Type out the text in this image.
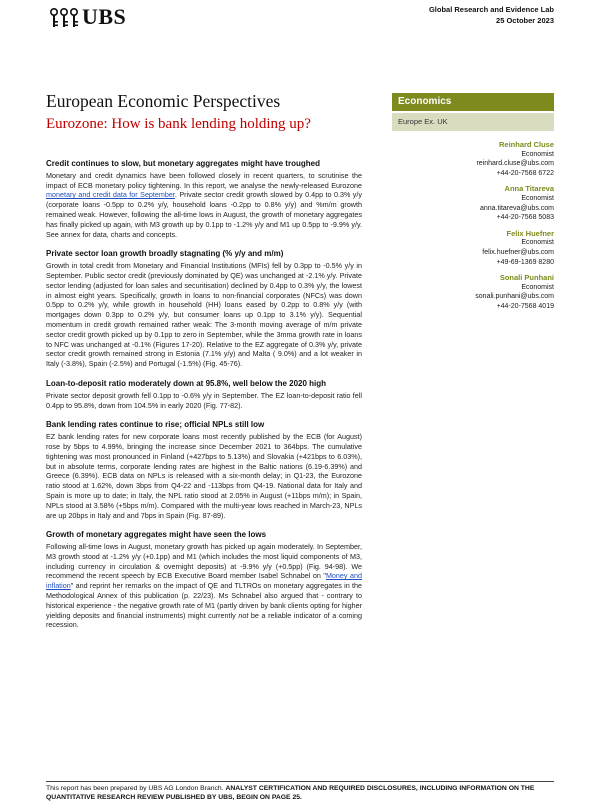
UBS	Global Research and Evidence Lab
25 October 2023
European Economic Perspectives
Eurozone: How is bank lending holding up?
Economics
Europe Ex. UK
Reinhard Cluse
Economist
reinhard.cluse@ubs.com
+44-20-7568 6722
Anna Titareva
Economist
anna.titareva@ubs.com
+44-20-7568 5083
Felix Huefner
Economist
felix.huefner@ubs.com
+49-69-1369 8280
Sonali Punhani
Economist
sonali.punhani@ubs.com
+44-20-7568 4019
Credit continues to slow, but monetary aggregates might have troughed

Monetary and credit dynamics have been followed closely in recent quarters, to scrutinise the impact of ECB monetary policy tightening. In this report, we analyse the newly-released Eurozone monetary and credit data for September. Private sector credit growth slowed by 0.4pp to 0.3% y/y (corporate loans -0.5pp to 0.2% y/y, household loans -0.2pp to 0.8% y/y) and %m/m growth remained weak. However, following the all-time lows in August, the growth of monetary aggregates has finally picked up again, with M3 growth up by 0.1pp to -1.2% y/y and M1 up 0.5pp to -9.9% y/y. See annex for data, charts and concepts.

Private sector loan growth broadly stagnating (% y/y and m/m)

Growth in total credit from Monetary and Financial Institutions (MFIs) fell by 0.3pp to -0.5% y/y in September. Public sector credit (previously dominated by QE) was unchanged at -2.1% y/y. Private sector lending (adjusted for loan sales and securitisation) declined by 0.4pp to 0.3% y/y, the lowest in almost eight years. Specifically, growth in loans to non-financial corporates (NFCs) was down 0.5pp to 0.2% y/y, while growth in household (HH) loans eased by 0.2pp to 0.8% y/y (with mortgages down 0.3pp to 0.2% y/y, but consumer loans up 0.1pp to 3.1% y/y). Sequential momentum in credit growth remained rather weak: The 3-month moving average of m/m private sector credit growth picked up by 0.1pp to zero in September, while the 3mma growth rate in loans to NFC was unchanged at -0.1% (Figures 17-20). Relative to the EZ aggregate of 0.3% y/y, private sector credit growth remained strong in Estonia (7.1% y/y) and Malta ( 9.0%) and a lot weaker in Italy (-3.8%), Spain (-2.5%) and Portugal (-1.5%) (Fig. 45-76).

Loan-to-deposit ratio moderately down at 95.8%, well below the 2020 high

Private sector deposit growth fell 0.1pp to -0.6% y/y in September. The EZ loan-to-deposit ratio fell 0.4pp to 95.8%, down from 104.5% in early 2020 (Fig. 77-82).

Bank lending rates continue to rise; official NPLs still low

EZ bank lending rates for new corporate loans most recently published by the ECB (for August) rose by 5bps to 4.99%, bringing the increase since December 2021 to 364bps. The cumulative tightening was most pronounced in Finland (+427bps to 5.13%) and Slovakia (+421bps to 6.03%), but in absolute terms, corporate lending rates are highest in the Baltic nations (6.19-6.39%) and Greece (6.39%). ECB data on NPLs is released with a six-month delay; in Q1-23, the Eurozone ratio stood at 1.62%, down 3bps from Q4-22 and -113bps from Q4-19. National data for Italy and Spain is more up to date; in Italy, the NPL ratio stood at 2.05% in August (+11bps m/m); in Spain, NPLs stood at 3.58% (+5bps m/m). Compared with the multi-year lows reached in March-23, NPLs are up 20bps in Italy and and 7bps in Spain (Fig. 87-89).

Growth of monetary aggregates might have seen the lows

Following all-time lows in August, monetary growth has picked up again moderately. In September, M3 growth stood at -1.2% y/y (+0.1pp) and M1 (which includes the most liquid components of M3, including currency in circulation & overnight deposits) at -9.9% y/y (+0.5pp) (Fig. 94-98). We recommend the recent speech by ECB Executive Board member Isabel Schnabel on "Money and inflation" and reprint her remarks on the impact of QE and TLTROs on monetary aggregates in the Methodological Annex of this publication (p. 22/23). Ms Schnabel also argued that - contrary to historical experience - the negative growth rate of M1 (partly driven by bank clients opting for higher yielding deposits and financial instruments) might currently not be a reliable indicator of a coming recession.

This report has been prepared by UBS AG London Branch. ANALYST CERTIFICATION AND REQUIRED DISCLOSURES, INCLUDING INFORMATION ON THE QUANTITATIVE RESEARCH REVIEW PUBLISHED BY UBS, BEGIN ON PAGE 25.
